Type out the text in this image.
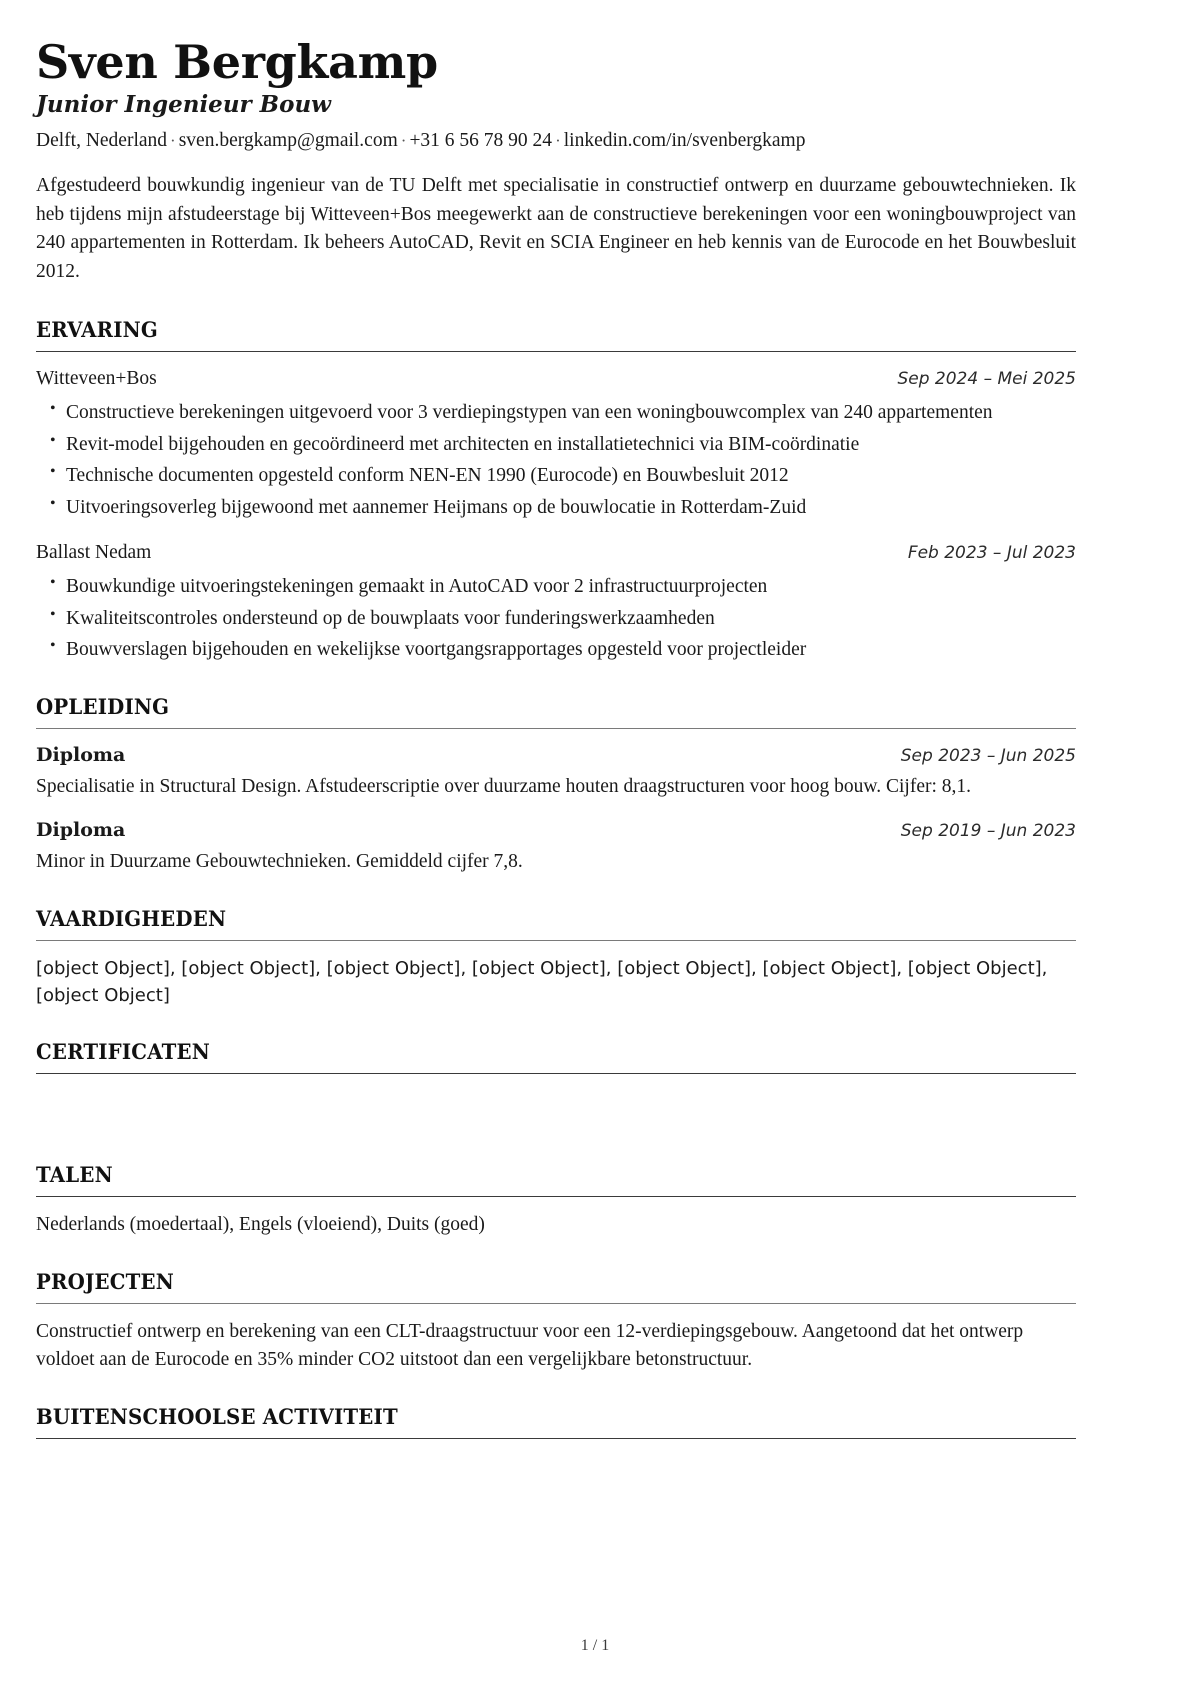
Sven Bergkamp
Junior Ingenieur Bouw
Delft, Nederland · sven.bergkamp@gmail.com · +31 6 56 78 90 24 · linkedin.com/in/svenbergkamp

Afgestudeerd bouwkundig ingenieur van de TU Delft met specialisatie in constructief ontwerp en duurzame gebouwtechnieken. Ik heb tijdens mijn afstudeerstage bij Witteveen+Bos meegewerkt aan de constructieve berekeningen voor een woningbouwproject van 240 appartementen in Rotterdam. Ik beheers AutoCAD, Revit en SCIA Engineer en heb kennis van de Eurocode en het Bouwbesluit 2012.

ERVARING
Witteveen+Bos	Sep 2024 – Mei 2025
• Constructieve berekeningen uitgevoerd voor 3 verdiepingstypen van een woningbouwcomplex van 240 appartementen
• Revit-model bijgehouden en gecoördineerd met architecten en installatietechnici via BIM-coördinatie
• Technische documenten opgesteld conform NEN-EN 1990 (Eurocode) en Bouwbesluit 2012
• Uitvoeringsoverleg bijgewoond met aannemer Heijmans op de bouwlocatie in Rotterdam-Zuid
Ballast Nedam	Feb 2023 – Jul 2023
• Bouwkundige uitvoeringstekeningen gemaakt in AutoCAD voor 2 infrastructuurprojecten
• Kwaliteitscontroles ondersteund op de bouwplaats voor funderingswerkzaamheden
• Bouwverslagen bijgehouden en wekelijkse voortgangsrapportages opgesteld voor projectleider
OPLEIDING
Diploma	Sep 2023 – Jun 2025

Specialisatie in Structural Design. Afstudeerscriptie over duurzame houten draagstructuren voor hoog bouw. Cijfer: 8,1.

Diploma	Sep 2019 – Jun 2023

Minor in Duurzame Gebouwtechnieken. Gemiddeld cijfer 7,8.

VAARDIGHEDEN

[object Object], [object Object], [object Object], [object Object], [object Object], [object Object], [object Object], [object Object]

CERTIFICATEN

TALEN

Nederlands (moedertaal), Engels (vloeiend), Duits (goed)

PROJECTEN

Constructief ontwerp en berekening van een CLT-draagstructuur voor een 12-verdiepingsgebouw. Aangetoond dat het ontwerp voldoet aan de Eurocode en 35% minder CO2 uitstoot dan een vergelijkbare betonstructuur.

BUITENSCHOOLSE ACTIVITEIT

1 / 1
